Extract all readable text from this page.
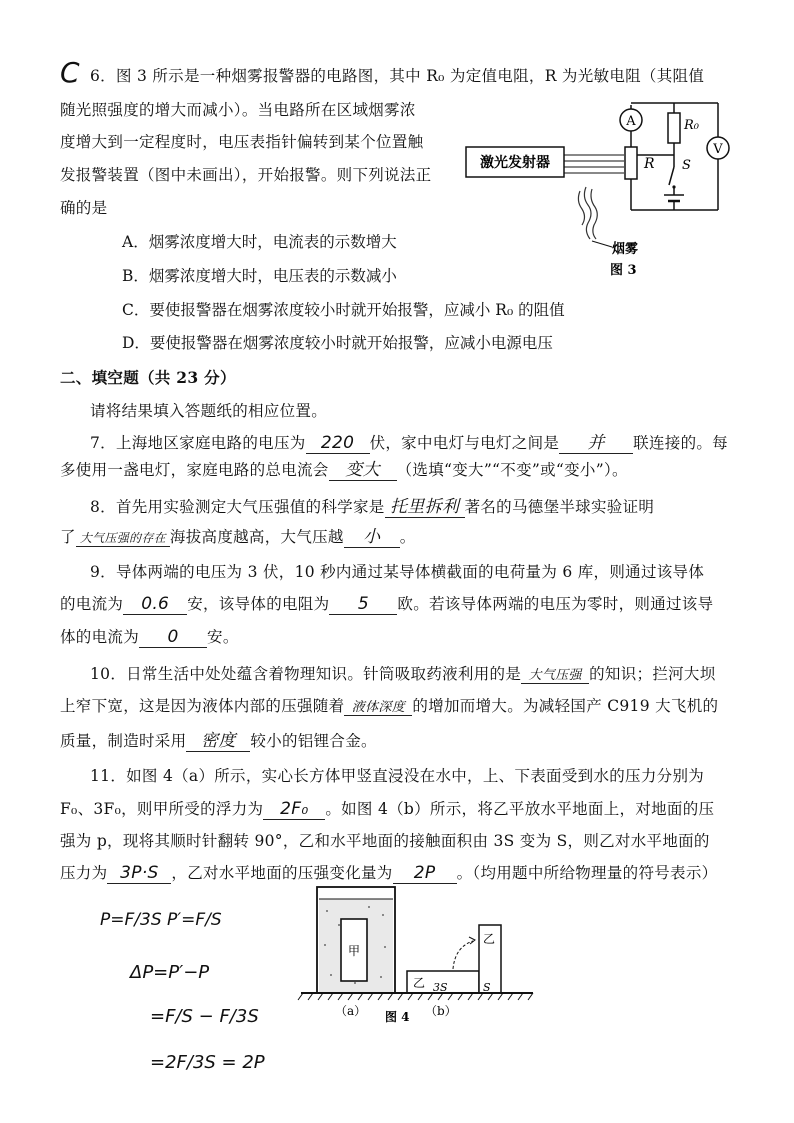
C 6．图 3 所示是一种烟雾报警器的电路图，其中 R₀ 为定值电阻，R 为光敏电阻（其阻值
随光照强度的增大而减小）。当电路所在区域烟雾浓
度增大到一定程度时，电压表指针偏转到某个位置触
发报警装置（图中未画出），开始报警。则下列说法正
确的是
A．烟雾浓度增大时，电流表的示数增大
B．烟雾浓度增大时，电压表的示数减小
C．要使报警器在烟雾浓度较小时就开始报警，应减小 R₀ 的阻值
D．要使报警器在烟雾浓度较小时就开始报警，应减小电源电压
激光发射器	R
A	R₀
S
V
烟雾
图 3
二、填空题（共 23 分）
请将结果填入答题纸的相应位置。
7．上海地区家庭电路的电压为 220 伏，家中电灯与电灯之间是 并 联连接的。每
多使用一盏电灯，家庭电路的总电流会 变大 （选填“变大”“不变”或“变小”）。
8．首先用实验测定大气压强值的科学家是 托里拆利 著名的马德堡半球实验证明
了 大气压强的存在 海拔高度越高，大气压越 小 。
9．导体两端的电压为 3 伏，10 秒内通过某导体横截面的电荷量为 6 库，则通过该导体
的电流为 0.6 安，该导体的电阻为 5 欧。若该导体两端的电压为零时，则通过该导
体的电流为 0 安。
10．日常生活中处处蕴含着物理知识。针筒吸取药液利用的是 大气压强 的知识；拦河大坝
上窄下宽，这是因为液体内部的压强随着 液体深度 的增加而增大。为减轻国产 C919 大飞机的
质量，制造时采用 密度 较小的铝锂合金。
11．如图 4（a）所示，实心长方体甲竖直浸没在水中，上、下表面受到水的压力分别为
F₀、3F₀，则甲所受的浮力为 2F₀ 。如图 4（b）所示，将乙平放水平地面上，对地面的压
强为 p，现将其顺时针翻转 90°，乙和水平地面的接触面积由 3S 变为 S，则乙对水平地面的
压力为 3P·S ，乙对水平地面的压强变化量为 2P 。（均用题中所给物理量的符号表示）
P=F/3S P′=F/S
ΔP=P′−P
=F/S − F/3S
=2F/3S = 2P
甲
乙 3S
乙
S
（a） 图 4 （b）
